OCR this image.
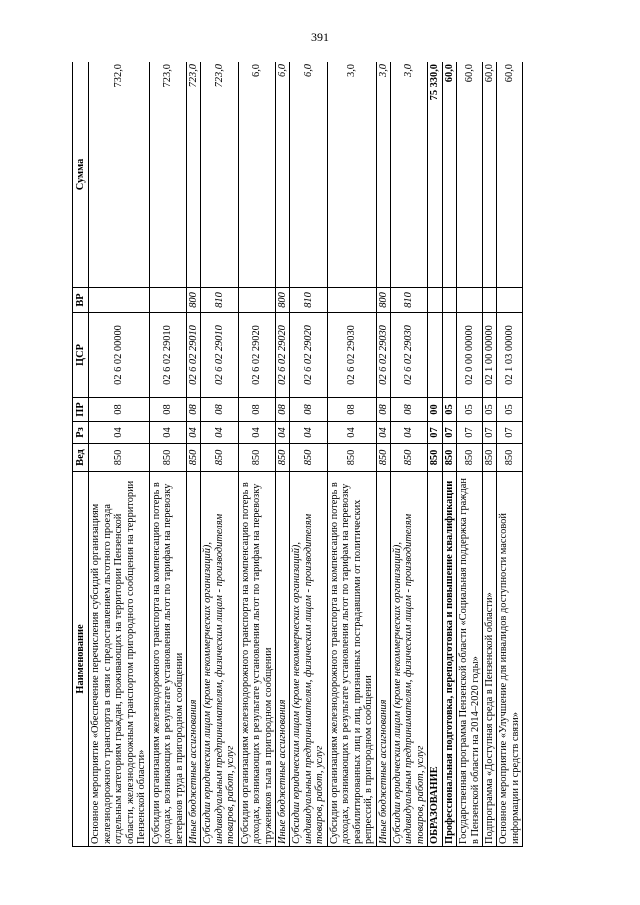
391
Наименование	Вед	Рз	ПР	ЦСР	ВР	Сумма
Основное мероприятие «Обеспечение перечисления субсидий организациям железнодорожного транспорта в связи с предоставлением льготного проезда отдельным категориям граждан, проживающих на территории Пензенской области, железнодорожным транспортом пригородного сообщения на территории Пензенской области»	850	04	08	02 6 02 00000		732,0
Субсидии организациям железнодорожного транспорта на компенсацию потерь в доходах, возникающих в результате установления льгот по тарифам на перевозку ветеранов труда в пригородном сообщении	850	04	08	02 6 02 29010		723,0
Иные бюджетные ассигнования	850	04	08	02 6 02 29010	800	723,0
Субсидии юридическим лицам (кроме некоммерческих организаций), индивидуальным предпринимателям, физическим лицам - производителям товаров, работ, услуг	850	04	08	02 6 02 29010	810	723,0
Субсидии организациям железнодорожного транспорта на компенсацию потерь в доходах, возникающих в результате установления льгот по тарифам на перевозку тружеников тыла в пригородном сообщении	850	04	08	02 6 02 29020		6,0
Иные бюджетные ассигнования	850	04	08	02 6 02 29020	800	6,0
Субсидии юридическим лицам (кроме некоммерческих организаций), индивидуальным предпринимателям, физическим лицам - производителям товаров, работ, услуг	850	04	08	02 6 02 29020	810	6,0
Субсидии организациям железнодорожного транспорта на компенсацию потерь в доходах, возникающих в результате установления льгот по тарифам на перевозку реабилитированных лиц и лиц, признанных пострадавшими от политических репрессий, в пригородном сообщении	850	04	08	02 6 02 29030		3,0
Иные бюджетные ассигнования	850	04	08	02 6 02 29030	800	3,0
Субсидии юридическим лицам (кроме некоммерческих организаций), индивидуальным предпринимателям, физическим лицам - производителям товаров, работ, услуг	850	04	08	02 6 02 29030	810	3,0
ОБРАЗОВАНИЕ	850	07	00			75 330,0
Профессиональная подготовка, переподготовка и повышение квалификации	850	07	05			60,0
Государственная программа Пензенской области «Социальная поддержка граждан в Пензенской области на 2014–2020 годы»	850	07	05	02 0 00 00000		60,0
Подпрограмма «Доступная среда в Пензенской области»	850	07	05	02 1 00 00000		60,0
Основное мероприятие «Улучшение для инвалидов доступности массовой информации и средств связи»	850	07	05	02 1 03 00000		60,0
